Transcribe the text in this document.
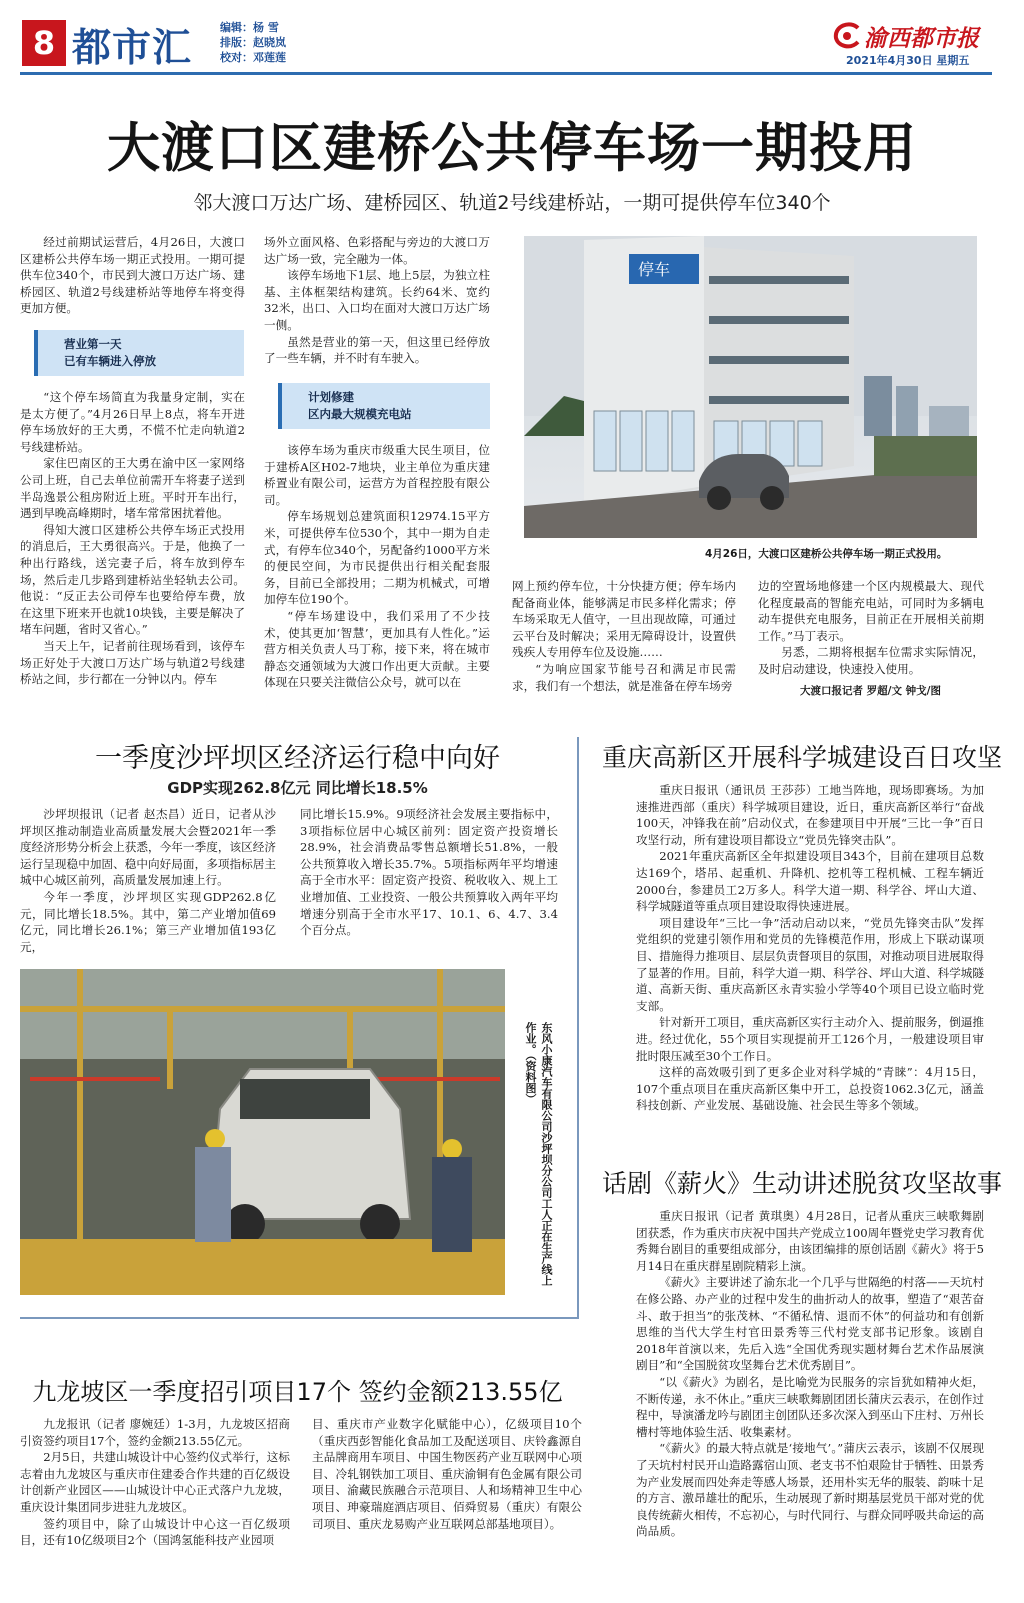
8 都市汇	编辑：杨 雪
排版：赵晓岚
校对：邓莲莲
渝西都市报
2021年4月30日 星期五
大渡口区建桥公共停车场一期投用
邻大渡口万达广场、建桥园区、轨道2号线建桥站，一期可提供停车位340个

经过前期试运营后，4月26日，大渡口区建桥公共停车场一期正式投用。一期可提供车位340个，市民到大渡口万达广场、建桥园区、轨道2号线建桥站等地停车将变得更加方便。

营业第一天
已有车辆进入停放

“这个停车场简直为我量身定制，实在是太方便了。”4月26日早上8点，将车开进停车场放好的王大勇，不慌不忙走向轨道2号线建桥站。

家住巴南区的王大勇在渝中区一家网络公司上班，自己去单位前需开车将妻子送到半岛逸景公租房附近上班。平时开车出行，遇到早晚高峰期时，堵车常常困扰着他。

得知大渡口区建桥公共停车场正式投用的消息后，王大勇很高兴。于是，他换了一种出行路线，送完妻子后，将车放到停车场，然后走几步路到建桥站坐轻轨去公司。他说：“反正去公司停车也要给停车费，放在这里下班来开也就10块钱，主要是解决了堵车问题，省时又省心。”

当天上午，记者前往现场看到，该停车场正好处于大渡口万达广场与轨道2号线建桥站之间，步行都在一分钟以内。停车

场外立面风格、色彩搭配与旁边的大渡口万达广场一致，完全融为一体。

该停车场地下1层、地上5层，为独立柱基、主体框架结构建筑。长约64米、宽约32米，出口、入口均在面对大渡口万达广场一侧。

虽然是营业的第一天，但这里已经停放了一些车辆，并不时有车驶入。

计划修建
区内最大规模充电站

该停车场为重庆市级重大民生项目，位于建桥A区H02-7地块，业主单位为重庆建桥置业有限公司，运营方为首程控股有限公司。

停车场规划总建筑面积12974.15平方米，可提供停车位530个，其中一期为自走式，有停车位340个，另配备约1000平方米的便民空间，为市民提供出行相关配套服务，目前已全部投用；二期为机械式，可增加停车位190个。

“停车场建设中，我们采用了不少技术，使其更加‘智慧’，更加具有人性化。”运营方相关负责人马丁称，接下来，将在城市静态交通领域为大渡口作出更大贡献。主要体现在只要关注微信公众号，就可以在

停车
4月26日，大渡口区建桥公共停车场一期正式投用。

网上预约停车位，十分快捷方便；停车场内配备商业体，能够满足市民多样化需求；停车场采取无人值守，一旦出现故障，可通过云平台及时解决；采用无障碍设计，设置供残疾人专用停车位及设施……

“为响应国家节能号召和满足市民需求，我们有一个想法，就是准备在停车场旁

边的空置场地修建一个区内规模最大、现代化程度最高的智能充电站，可同时为多辆电动车提供充电服务，目前正在开展相关前期工作。”马丁表示。

另悉，二期将根据车位需求实际情况，及时启动建设，快速投入使用。

大渡口报记者 罗超/文 钟戈/图
一季度沙坪坝区经济运行稳中向好
GDP实现262.8亿元 同比增长18.5%

沙坪坝报讯（记者 赵杰昌）近日，记者从沙坪坝区推动制造业高质量发展大会暨2021年一季度经济形势分析会上获悉，今年一季度，该区经济运行呈现稳中加固、稳中向好局面，多项指标居主城中心城区前列，高质量发展加速上行。

今年一季度，沙坪坝区实现GDP262.8亿元，同比增长18.5%。其中，第二产业增加值69亿元，同比增长26.1%；第三产业增加值193亿元，

同比增长15.9%。9项经济社会发展主要指标中，3项指标位居中心城区前列：固定资产投资增长28.9%，社会消费品零售总额增长51.8%，一般公共预算收入增长35.7%。5项指标两年平均增速高于全市水平：固定资产投资、税收收入、规上工业增加值、工业投资、一般公共预算收入两年平均增速分别高于全市水平17、10.1、6、4.7、3.4个百分点。

东风小康汽车有限公司沙坪坝分公司工人正在生产线上作业。（资料图）
九龙坡区一季度招引项目17个 签约金额213.55亿

九龙报讯（记者 廖婉廷）1-3月，九龙坡区招商引资签约项目17个，签约金额213.55亿元。

2月5日，共建山城设计中心签约仪式举行，这标志着由九龙坡区与重庆市住建委合作共建的百亿级设计创新产业园区——山城设计中心正式落户九龙坡，重庆设计集团同步进驻九龙坡区。

签约项目中，除了山城设计中心这一百亿级项目，还有10亿级项目2个（国鸿氢能科技产业园项

目、重庆市产业数字化赋能中心），亿级项目10个（重庆西彭智能化食品加工及配送项目、庆铃鑫源自主品牌商用车项目、中国生物医药产业互联网中心项目、冷轧钢铁加工项目、重庆渝铜有色金属有限公司项目、渝藏民族融合示范项目、人和场精神卫生中心项目、珅豪瑞庭酒店项目、佰舜贸易（重庆）有限公司项目、重庆龙易购产业互联网总部基地项目）。

重庆高新区开展科学城建设百日攻坚

重庆日报讯（通讯员 王莎莎）工地当阵地，现场即赛场。为加速推进西部（重庆）科学城项目建设，近日，重庆高新区举行“奋战100天，冲锋我在前”启动仪式，在参建项目中开展“三比一争”百日攻坚行动，所有建设项目都设立“党员先锋突击队”。

2021年重庆高新区全年拟建设项目343个，目前在建项目总数达169个，塔吊、起重机、升降机、挖机等工程机械、工程车辆近2000台，参建员工2万多人。科学大道一期、科学谷、坪山大道、科学城隧道等重点项目建设取得快速进展。

项目建设年“三比一争”活动启动以来，“党员先锋突击队”发挥党组织的党建引领作用和党员的先锋模范作用，形成上下联动谋项目、措施得力推项目、层层负责督项目的氛围，对推动项目进展取得了显著的作用。目前，科学大道一期、科学谷、坪山大道、科学城隧道、高新天街、重庆高新区永青实验小学等40个项目已设立临时党支部。

针对新开工项目，重庆高新区实行主动介入、提前服务，倒逼推进。经过优化，55个项目实现提前开工126个月，一般建设项目审批时限压减至30个工作日。

这样的高效吸引到了更多企业对科学城的“青睐”：4月15日，107个重点项目在重庆高新区集中开工，总投资1062.3亿元，涵盖科技创新、产业发展、基础设施、社会民生等多个领域。

话剧《薪火》生动讲述脱贫攻坚故事

重庆日报讯（记者 黄琪奥）4月28日，记者从重庆三峡歌舞剧团获悉，作为重庆市庆祝中国共产党成立100周年暨党史学习教育优秀舞台剧目的重要组成部分，由该团编排的原创话剧《薪火》将于5月14日在重庆群星剧院精彩上演。

《薪火》主要讲述了渝东北一个几乎与世隔绝的村落——天坑村在修公路、办产业的过程中发生的曲折动人的故事，塑造了“艰苦奋斗、敢于担当”的张茂林、“不循私情、退而不休”的何益功和有创新思维的当代大学生村官田景秀等三代村党支部书记形象。该剧自2018年首演以来，先后入选“全国优秀现实题材舞台艺术作品展演剧目”和“全国脱贫攻坚舞台艺术优秀剧目”。

“以《薪火》为剧名，是比喻党为民服务的宗旨犹如精神火炬，不断传递，永不休止。”重庆三峡歌舞剧团团长蒲庆云表示，在创作过程中，导演潘龙吟与剧团主创团队还多次深入到巫山下庄村、万州长槽村等地体验生活、收集素材。

“《薪火》的最大特点就是‘接地气’。”蒲庆云表示，该剧不仅展现了天坑村村民开山造路露宿山顶、老支书不怕艰险甘于牺牲、田景秀为产业发展而四处奔走等感人场景，还用朴实无华的服装、韵味十足的方言、激昂雄壮的配乐，生动展现了新时期基层党员干部对党的优良传统薪火相传，不忘初心，与时代同行、与群众同呼吸共命运的高尚品质。
